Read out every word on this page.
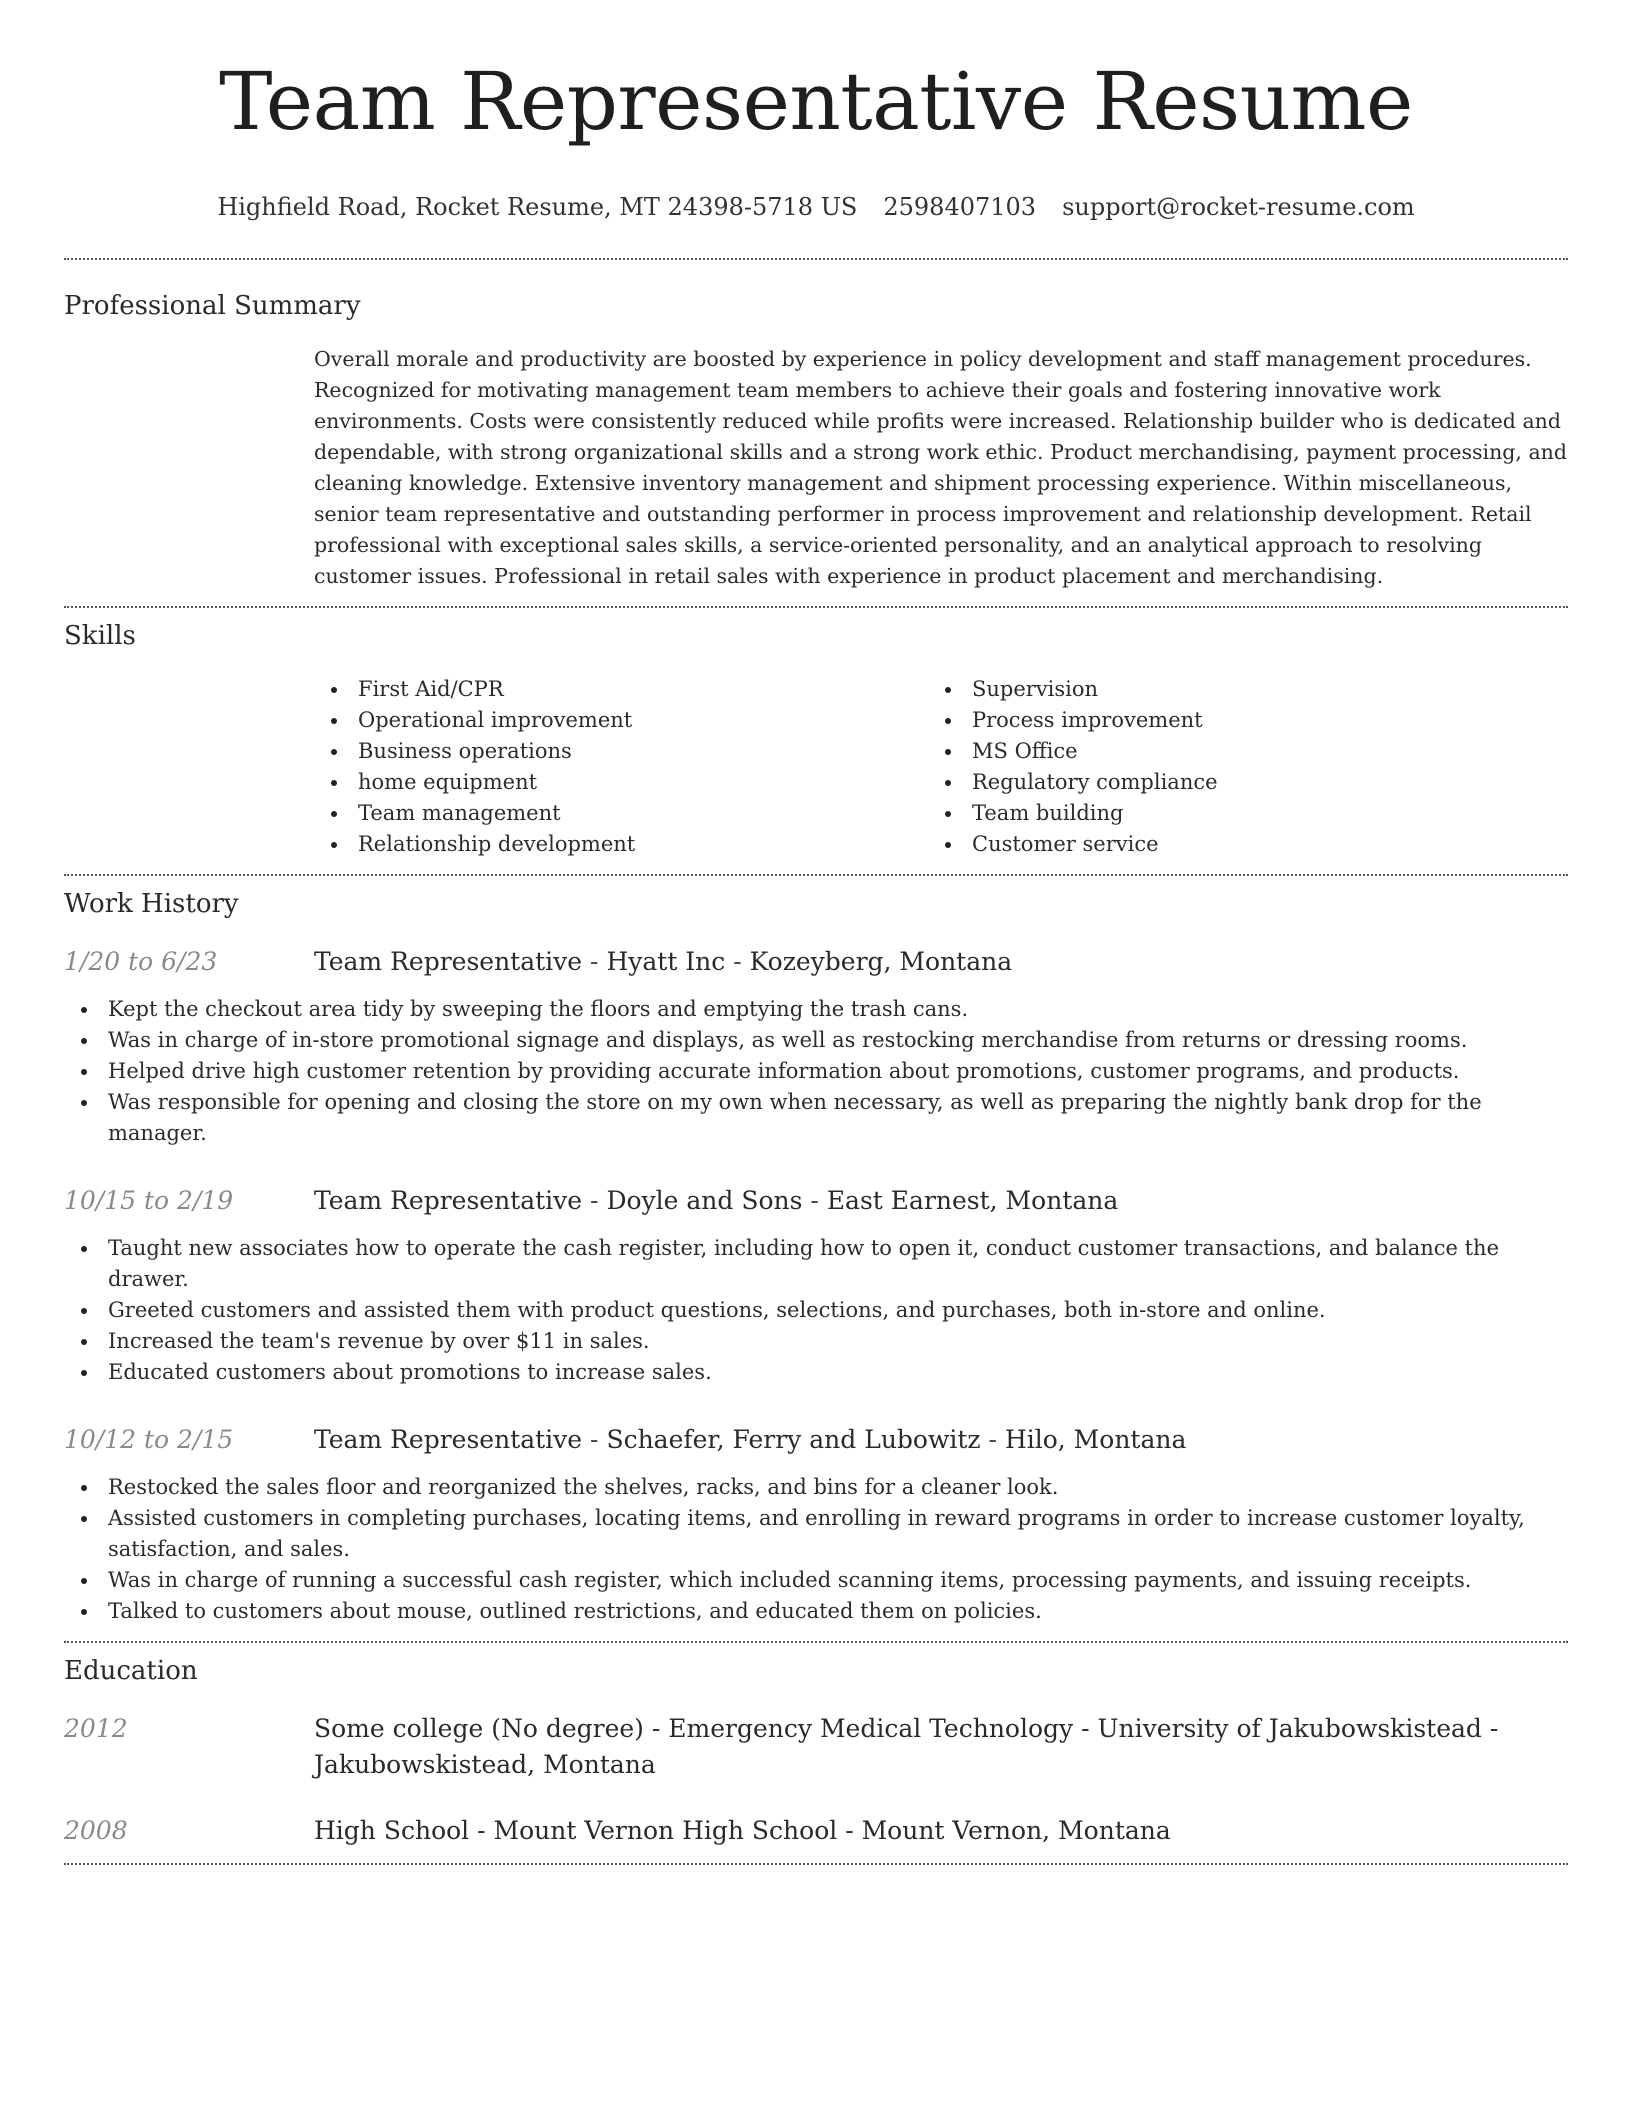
Team Representative Resume
Highfield Road, Rocket Resume, MT 24398-5718 US 2598407103 support@rocket-resume.com
Professional Summary

Overall morale and productivity are boosted by experience in policy development and staff management procedures. Recognized for motivating management team members to achieve their goals and fostering innovative work environments. Costs were consistently reduced while profits were increased. Relationship builder who is dedicated and dependable, with strong organizational skills and a strong work ethic. Product merchandising, payment processing, and cleaning knowledge. Extensive inventory management and shipment processing experience. Within miscellaneous, senior team representative and outstanding performer in process improvement and relationship development. Retail professional with exceptional sales skills, a service-oriented personality, and an analytical approach to resolving customer issues. Professional in retail sales with experience in product placement and merchandising.

Skills
First Aid/CPR
Operational improvement
Business operations
home equipment
Team management
Relationship development
Supervision
Process improvement
MS Office
Regulatory compliance
Team building
Customer service
Work History
1/20 to 6/23	Team Representative - Hyatt Inc - Kozeyberg, Montana
Kept the checkout area tidy by sweeping the floors and emptying the trash cans.
Was in charge of in-store promotional signage and displays, as well as restocking merchandise from returns or dressing rooms.
Helped drive high customer retention by providing accurate information about promotions, customer programs, and products.
Was responsible for opening and closing the store on my own when necessary, as well as preparing the nightly bank drop for the manager.
10/15 to 2/19	Team Representative - Doyle and Sons - East Earnest, Montana
Taught new associates how to operate the cash register, including how to open it, conduct customer transactions, and balance the drawer.
Greeted customers and assisted them with product questions, selections, and purchases, both in-store and online.
Increased the team's revenue by over $11 in sales.
Educated customers about promotions to increase sales.
10/12 to 2/15	Team Representative - Schaefer, Ferry and Lubowitz - Hilo, Montana
Restocked the sales floor and reorganized the shelves, racks, and bins for a cleaner look.
Assisted customers in completing purchases, locating items, and enrolling in reward programs in order to increase customer loyalty, satisfaction, and sales.
Was in charge of running a successful cash register, which included scanning items, processing payments, and issuing receipts.
Talked to customers about mouse, outlined restrictions, and educated them on policies.
Education
2012	Some college (No degree) - Emergency Medical Technology - University of Jakubowskistead - Jakubowskistead, Montana
2008	High School - Mount Vernon High School - Mount Vernon, Montana
